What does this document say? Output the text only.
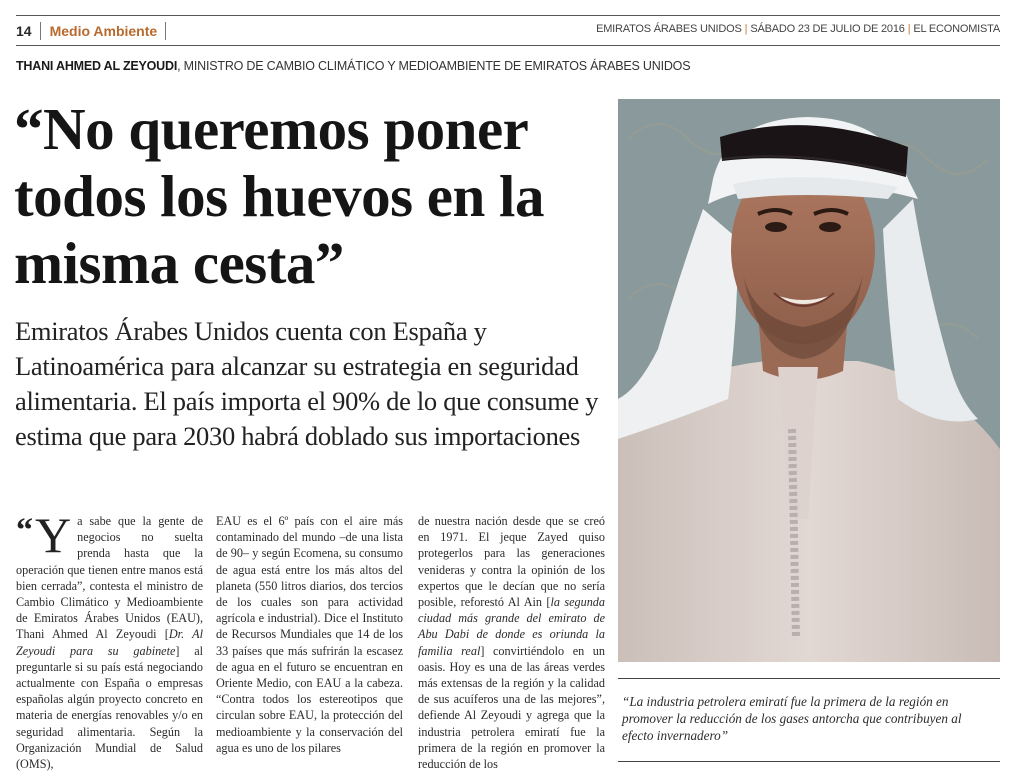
14	Medio Ambiente	EMIRATOS ÁRABES UNIDOS | SÁBADO 23 DE JULIO DE 2016 | EL ECONOMISTA
THANI AHMED AL ZEYOUDI, MINISTRO DE CAMBIO CLIMÁTICO Y MEDIOAMBIENTE DE EMIRATOS ÁRABES UNIDOS
“No queremos poner todos los huevos en la misma cesta”

Emiratos Árabes Unidos cuenta con España y Latinoamérica para alcanzar su estrategia en seguridad alimentaria. El país importa el 90% de lo que consume y estima que para 2030 habrá doblado sus importaciones

“ Y a sabe que la gente de negocios no suelta prenda hasta que la operación que tienen entre manos está bien cerrada”, contesta el ministro de Cambio Climático y Medioambiente de Emiratos Árabes Unidos (EAU), Thani Ahmed Al Zeyoudi [Dr. Al Zeyoudi para su gabinete] al preguntarle si su país está negociando actualmente con España o empresas españolas algún proyecto concreto en materia de energías renovables y/o en seguridad alimentaria. Según la Organización Mundial de Salud (OMS),
EAU es el 6º país con el aire más contaminado del mundo –de una lista de 90– y según Ecomena, su consumo de agua está entre los más altos del planeta (550 litros diarios, dos tercios de los cuales son para actividad agrícola e industrial). Dice el Instituto de Recursos Mundiales que 14 de los 33 países que más sufrirán la escasez de agua en el futuro se encuentran en Oriente Medio, con EAU a la cabeza. “Contra todos los estereotipos que circulan sobre EAU, la protección del medioambiente y la conservación del agua es uno de los pilares
de nuestra nación desde que se creó en 1971. El jeque Zayed quiso protegerlos para las generaciones venideras y contra la opinión de los expertos que le decían que no sería posible, reforestó Al Ain [la segunda ciudad más grande del emirato de Abu Dabi de donde es oriunda la familia real] convirtiéndolo en un oasis. Hoy es una de las áreas verdes más extensas de la región y la calidad de sus acuíferos una de las mejores”, defiende Al Zeyoudi y agrega que la industria petrolera emiratí fue la primera de la región en promover la reducción de los

“La industria petrolera emiratí fue la primera de la región en promover la reducción de los gases antorcha que contribuyen al efecto invernadero”
